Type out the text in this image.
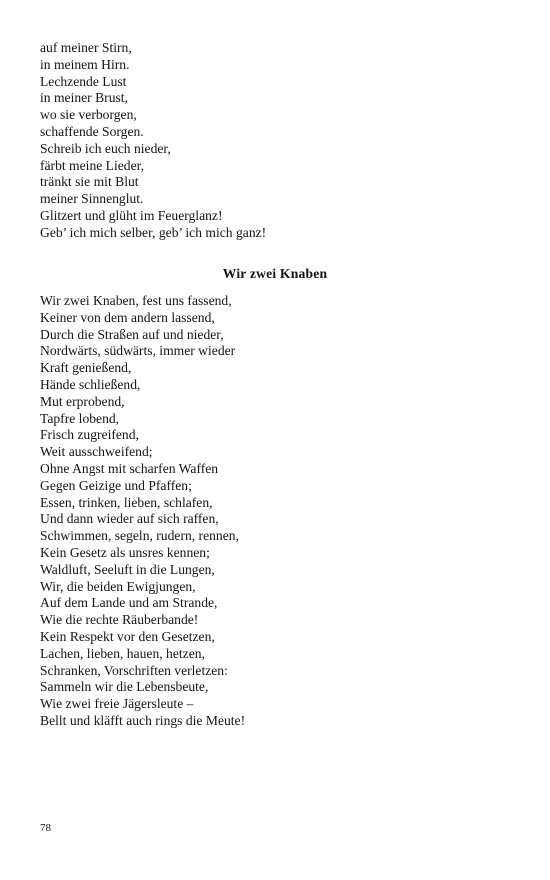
auf meiner Stirn,
in meinem Hirn.
Lechzende Lust
in meiner Brust,
wo sie verborgen,
schaffende Sorgen.
Schreib ich euch nieder,
färbt meine Lieder,
tränkt sie mit Blut
meiner Sinnenglut.
Glitzert und glüht im Feuerglanz!
Geb’ ich mich selber, geb’ ich mich ganz!
Wir zwei Knaben
Wir zwei Knaben, fest uns fassend,
Keiner von dem andern lassend,
Durch die Straßen auf und nieder,
Nordwärts, südwärts, immer wieder
Kraft genießend,
Hände schließend,
Mut erprobend,
Tapfre lobend,
Frisch zugreifend,
Weit ausschweifend;
Ohne Angst mit scharfen Waffen
Gegen Geizige und Pfaffen;
Essen, trinken, lieben, schlafen,
Und dann wieder auf sich raffen,
Schwimmen, segeln, rudern, rennen,
Kein Gesetz als unsres kennen;
Waldluft, Seeluft in die Lungen,
Wir, die beiden Ewigjungen,
Auf dem Lande und am Strande,
Wie die rechte Räuberbande!
Kein Respekt vor den Gesetzen,
Lachen, lieben, hauen, hetzen,
Schranken, Vorschriften verletzen:
Sammeln wir die Lebensbeute,
Wie zwei freie Jägersleute –
Bellt und kläfft auch rings die Meute!
78
